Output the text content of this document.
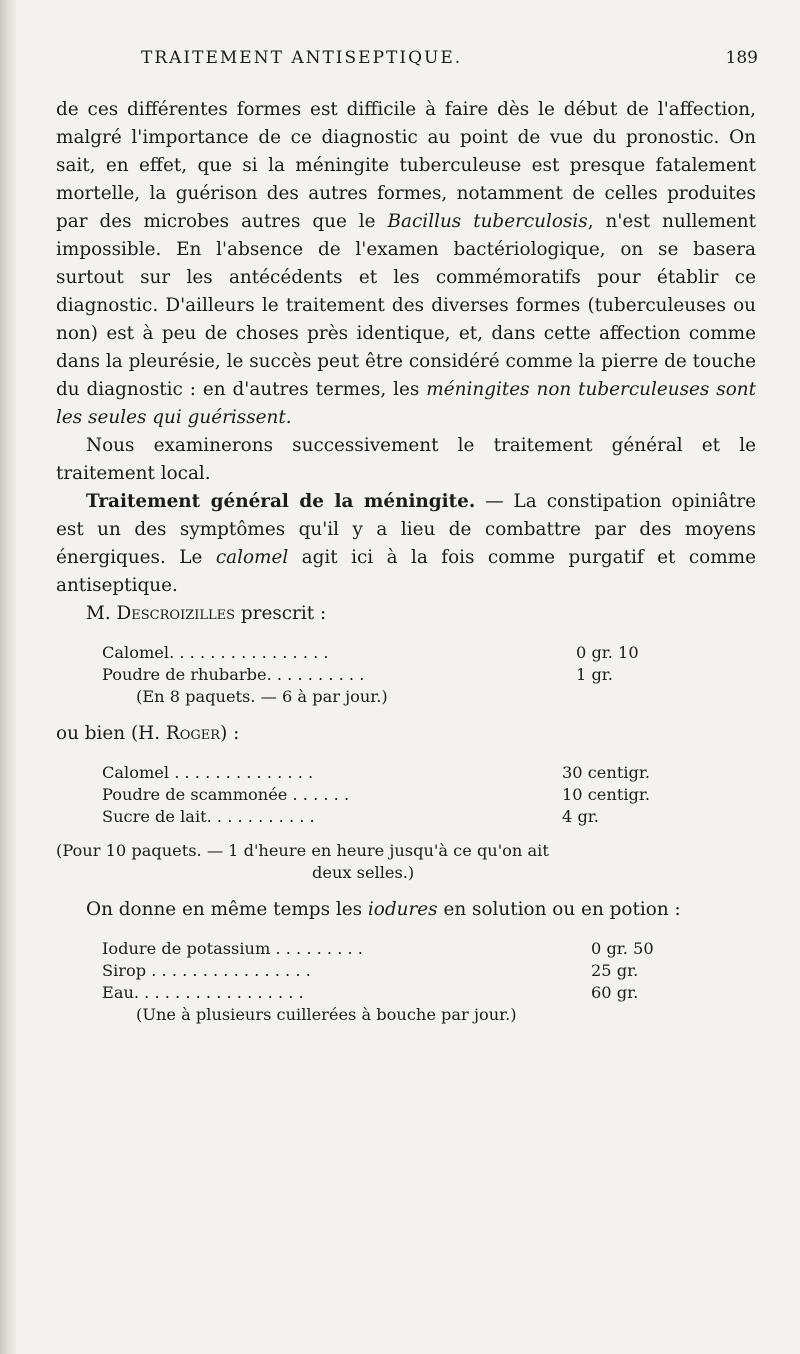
TRAITEMENT ANTISEPTIQUE.	189

de ces différentes formes est difficile à faire dès le début de l'affection, malgré l'importance de ce diagnostic au point de vue du pronostic. On sait, en effet, que si la méningite tuberculeuse est presque fatalement mortelle, la guérison des autres formes, notamment de celles produites par des microbes autres que le Bacillus tuberculosis, n'est nullement impossible. En l'absence de l'examen bactériologique, on se basera surtout sur les antécédents et les commémoratifs pour établir ce diagnostic. D'ailleurs le traitement des diverses formes (tuberculeuses ou non) est à peu de choses près identique, et, dans cette affection comme dans la pleurésie, le succès peut être considéré comme la pierre de touche du diagnostic : en d'autres termes, les méningites non tuberculeuses sont les seules qui guérissent.

Nous examinerons successivement le traitement général et le traitement local.

Traitement général de la méningite. — La constipation opiniâtre est un des symptômes qu'il y a lieu de combattre par des moyens énergiques. Le calomel agit ici à la fois comme purgatif et comme antiseptique.

M. Descroizilles prescrit :

Calomel. . . . . . . . . . . . . . . .	0 gr. 10
Poudre de rhubarbe. . . . . . . . . .	1 gr.
(En 8 paquets. — 6 à par jour.)

ou bien (H. Roger) :

Calomel . . . . . . . . . . . . . .	30 centigr.
Poudre de scammonée . . . . . .	10 centigr.
Sucre de lait. . . . . . . . . . .	4 gr.
(Pour 10 paquets. — 1 d'heure en heure jusqu'à ce qu'on ait
deux selles.)

On donne en même temps les iodures en solution ou en potion :

Iodure de potassium . . . . . . . . .	0 gr. 50
Sirop . . . . . . . . . . . . . . . .	25 gr.
Eau. . . . . . . . . . . . . . . . .	60 gr.
(Une à plusieurs cuillerées à bouche par jour.)
